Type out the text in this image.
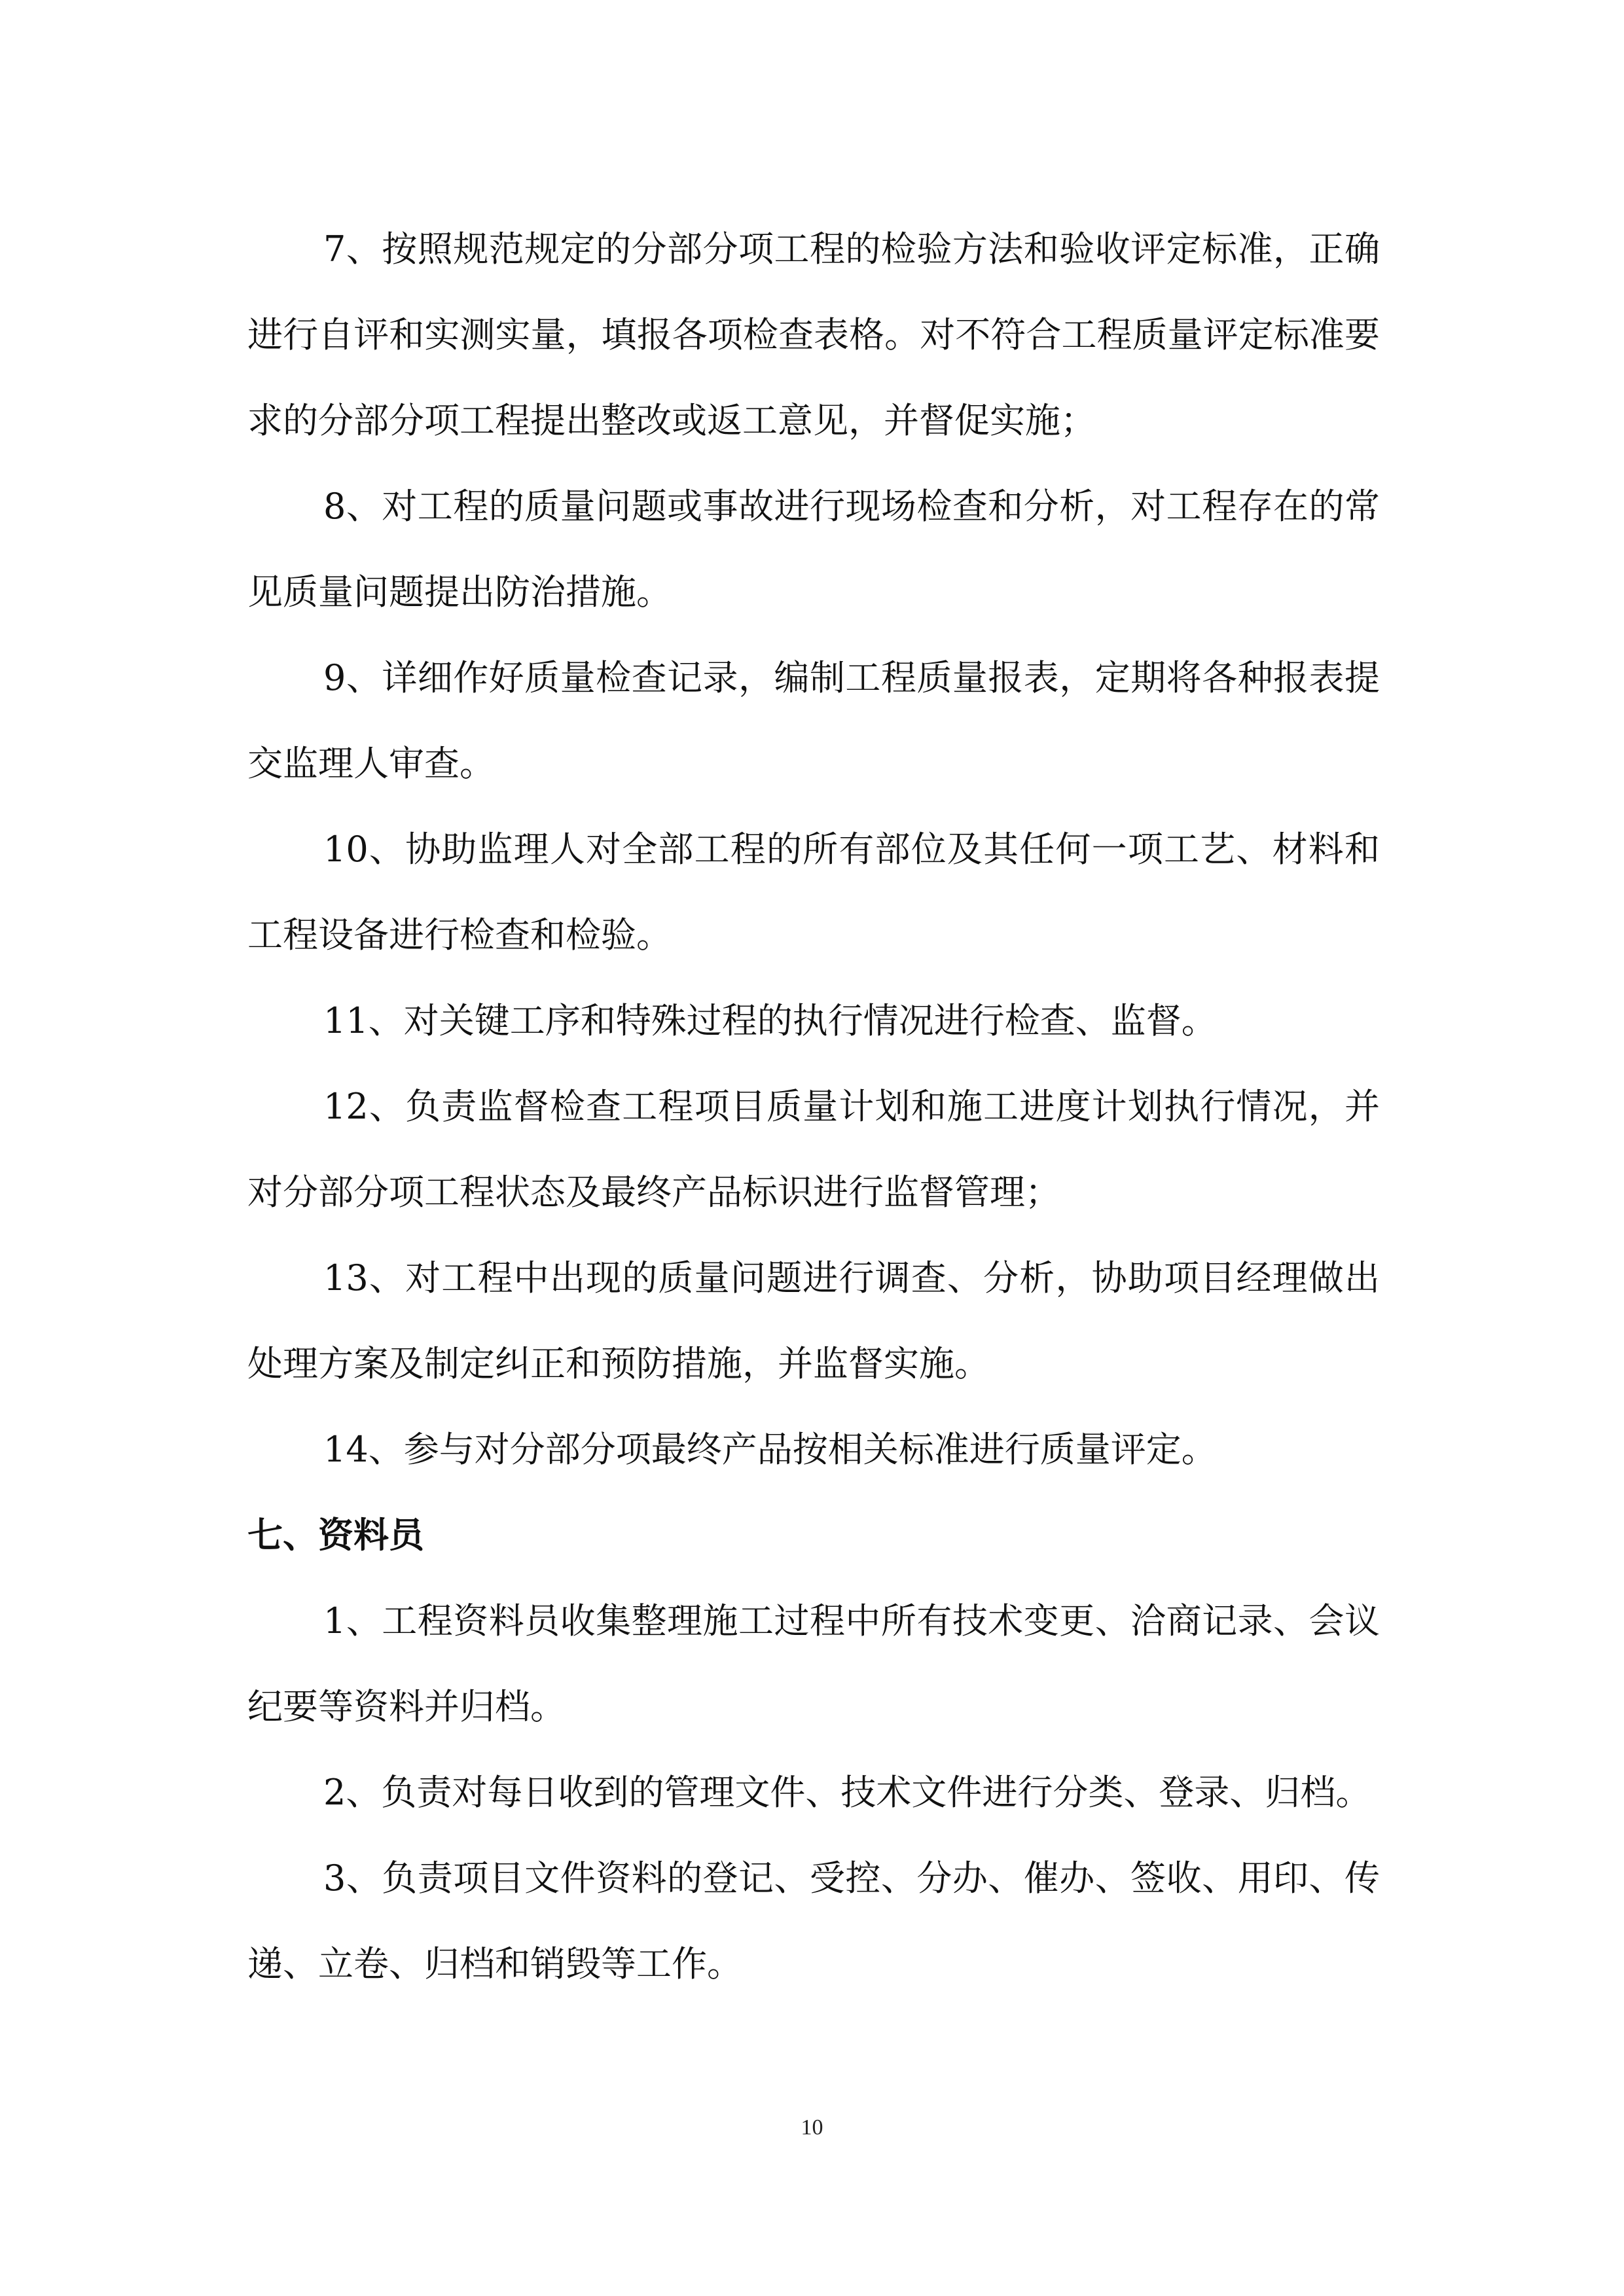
7、按照规范规定的分部分项工程的检验方法和验收评定标准，正确进行自评和实测实量，填报各项检查表格。对不符合工程质量评定标准要求的分部分项工程提出整改或返工意见，并督促实施；

8、对工程的质量问题或事故进行现场检查和分析，对工程存在的常见质量问题提出防治措施。

9、详细作好质量检查记录，编制工程质量报表，定期将各种报表提交监理人审查。

10、协助监理人对全部工程的所有部位及其任何一项工艺、材料和工程设备进行检查和检验。

11、对关键工序和特殊过程的执行情况进行检查、监督。

12、负责监督检查工程项目质量计划和施工进度计划执行情况，并对分部分项工程状态及最终产品标识进行监督管理；

13、对工程中出现的质量问题进行调查、分析，协助项目经理做出处理方案及制定纠正和预防措施，并监督实施。

14、参与对分部分项最终产品按相关标准进行质量评定。

七、资料员

1、工程资料员收集整理施工过程中所有技术变更、洽商记录、会议纪要等资料并归档。

2、负责对每日收到的管理文件、技术文件进行分类、登录、归档。

3、负责项目文件资料的登记、受控、分办、催办、签收、用印、传递、立卷、归档和销毁等工作。

10
